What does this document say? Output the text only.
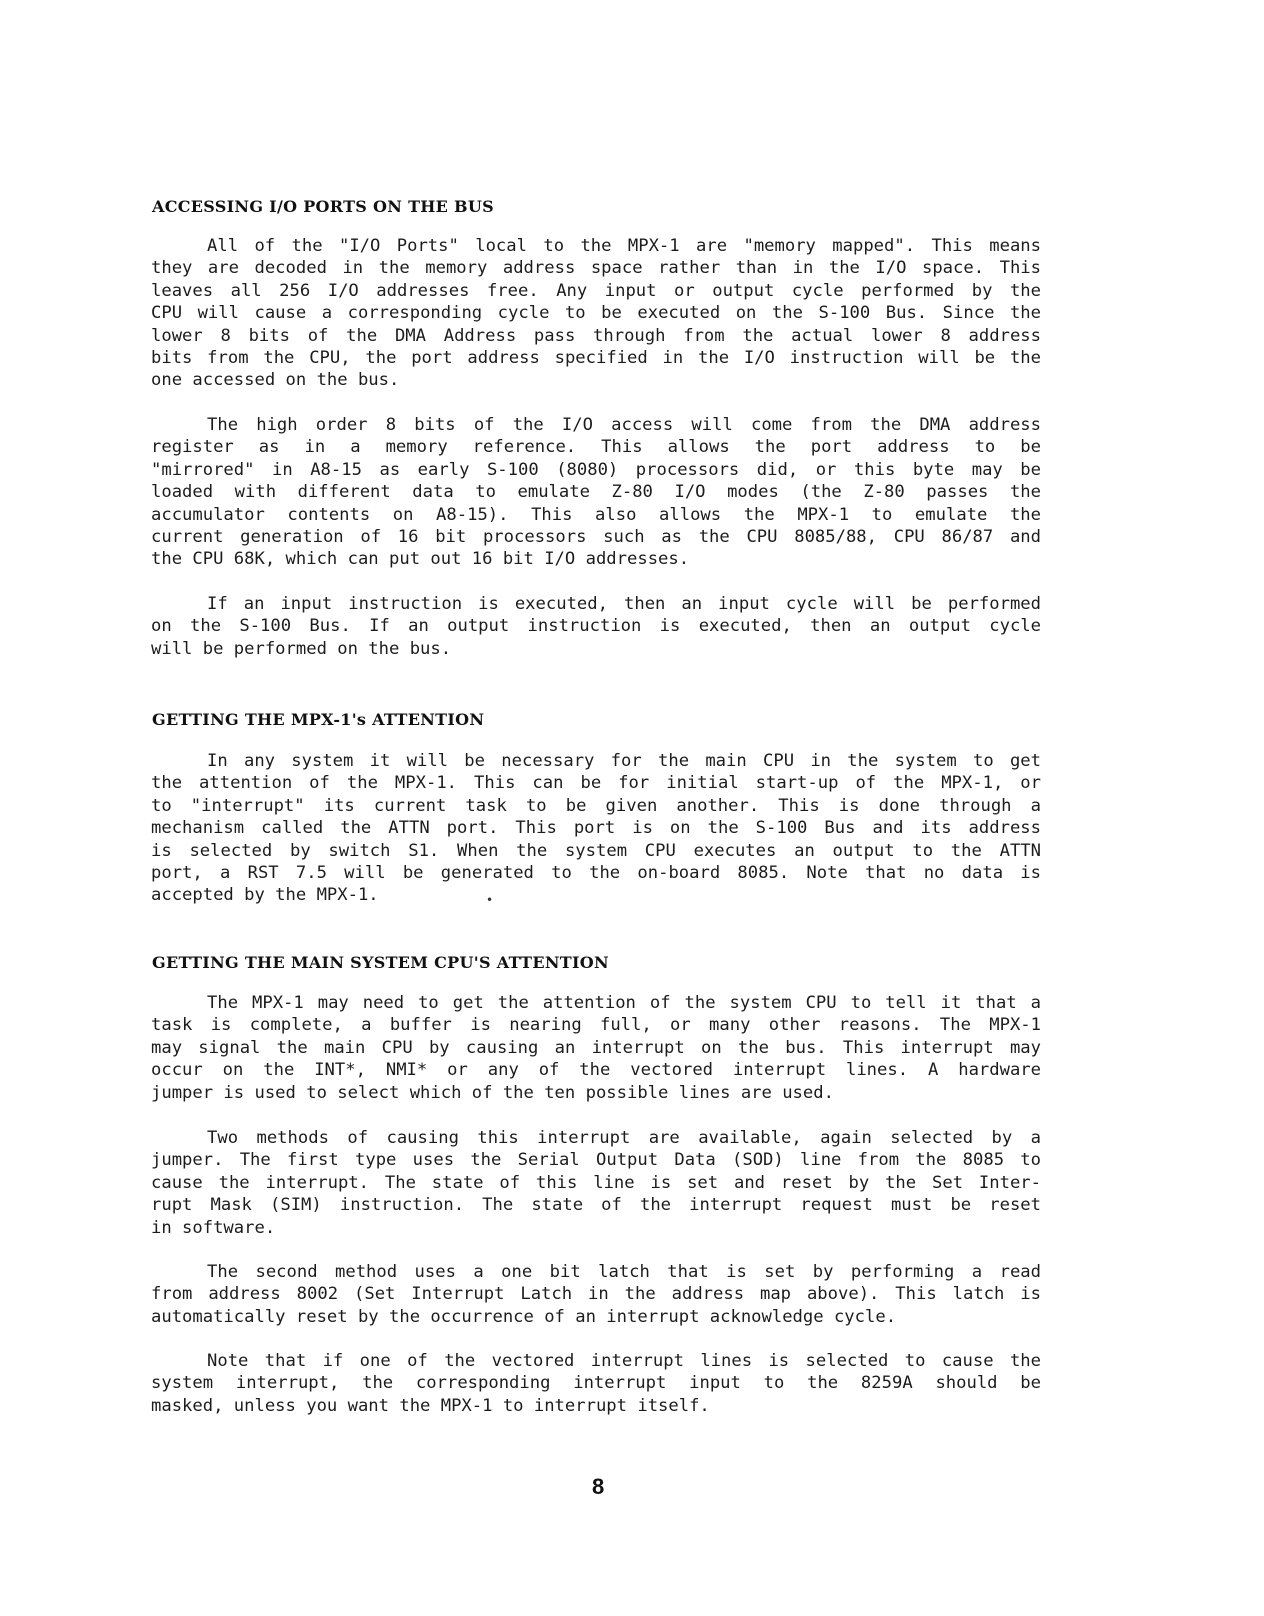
ACCESSING I/O PORTS ON THE BUS
All of the "I/O Ports" local to the MPX-1 are "memory mapped". This means
they are decoded in the memory address space rather than in the I/O space. This
leaves all 256 I/O addresses free. Any input or output cycle performed by the
CPU will cause a corresponding cycle to be executed on the S-100 Bus. Since the
lower 8 bits of the DMA Address pass through from the actual lower 8 address
bits from the CPU, the port address specified in the I/O instruction will be the
one accessed on the bus.
The high order 8 bits of the I/O access will come from the DMA address
register as in a memory reference. This allows the port address to be
"mirrored" in A8-15 as early S-100 (8080) processors did, or this byte may be
loaded with different data to emulate Z-80 I/O modes (the Z-80 passes the
accumulator contents on A8-15). This also allows the MPX-1 to emulate the
current generation of 16 bit processors such as the CPU 8085/88, CPU 86/87 and
the CPU 68K, which can put out 16 bit I/O addresses.
If an input instruction is executed, then an input cycle will be performed
on the S-100 Bus. If an output instruction is executed, then an output cycle
will be performed on the bus.
GETTING THE MPX-1's ATTENTION
In any system it will be necessary for the main CPU in the system to get
the attention of the MPX-1. This can be for initial start-up of the MPX-1, or
to "interrupt" its current task to be given another. This is done through a
mechanism called the ATTN port. This port is on the S-100 Bus and its address
is selected by switch S1. When the system CPU executes an output to the ATTN
port, a RST 7.5 will be generated to the on-board 8085. Note that no data is
accepted by the MPX-1.
GETTING THE MAIN SYSTEM CPU'S ATTENTION
The MPX-1 may need to get the attention of the system CPU to tell it that a
task is complete, a buffer is nearing full, or many other reasons. The MPX-1
may signal the main CPU by causing an interrupt on the bus. This interrupt may
occur on the INT*, NMI* or any of the vectored interrupt lines. A hardware
jumper is used to select which of the ten possible lines are used.
Two methods of causing this interrupt are available, again selected by a
jumper. The first type uses the Serial Output Data (SOD) line from the 8085 to
cause the interrupt. The state of this line is set and reset by the Set Inter-
rupt Mask (SIM) instruction. The state of the interrupt request must be reset
in software.
The second method uses a one bit latch that is set by performing a read
from address 8002 (Set Interrupt Latch in the address map above). This latch is
automatically reset by the occurrence of an interrupt acknowledge cycle.
Note that if one of the vectored interrupt lines is selected to cause the
system interrupt, the corresponding interrupt input to the 8259A should be
masked, unless you want the MPX-1 to interrupt itself.
•

8
